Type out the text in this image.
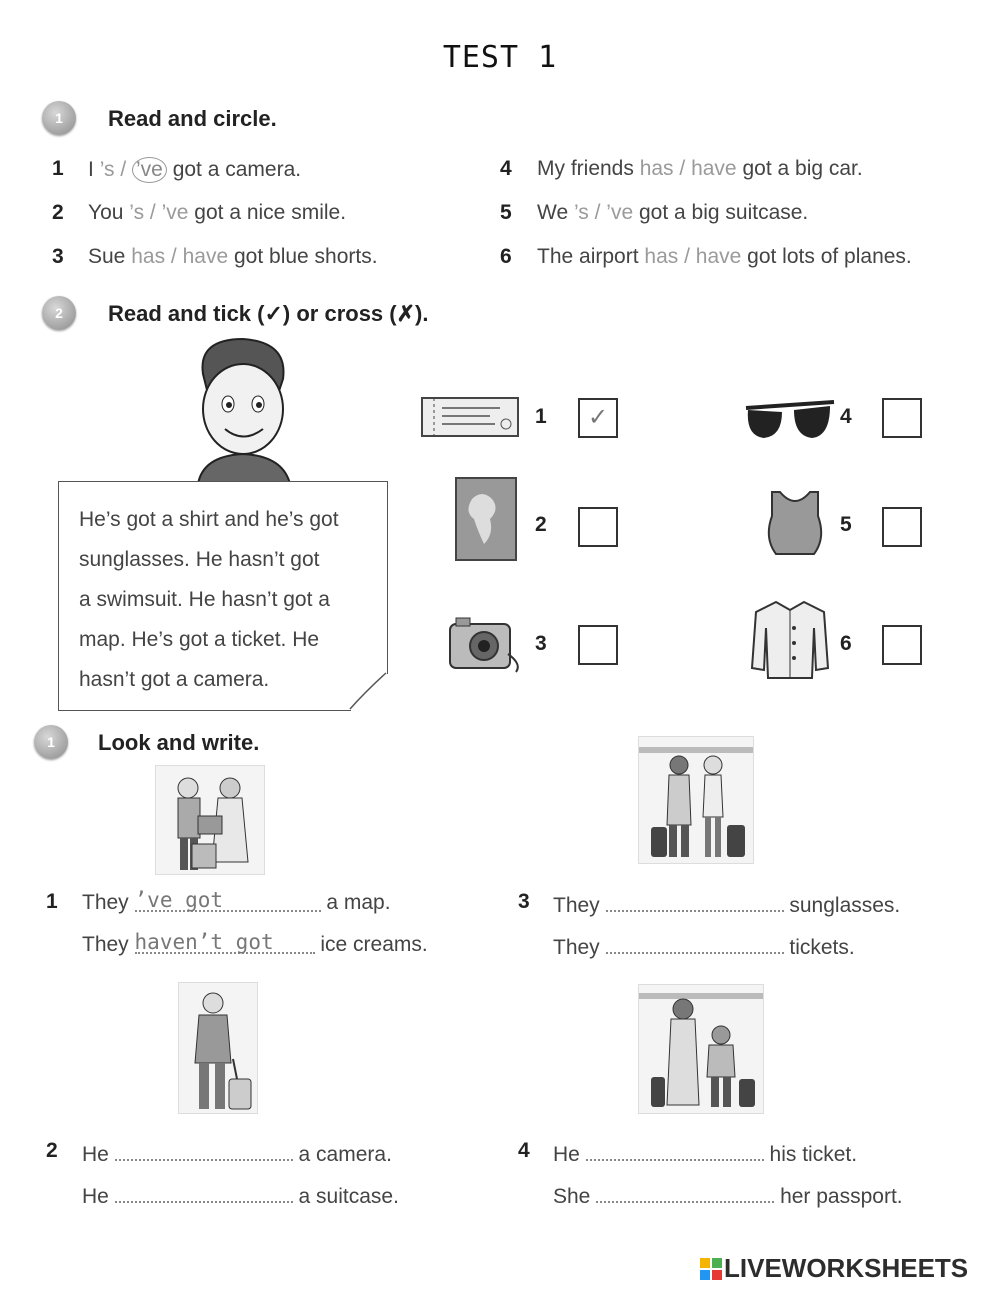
TEST 1
1	Read and circle.
1 I ’s / ’ve got a camera.
2 You ’s / ’ve got a nice smile.
3 Sue has / have got blue shorts.
4 My friends has / have got a big car.
5 We ’s / ’ve got a big suitcase.
6 The airport has / have got lots of planes.
2	Read and tick (✓) or cross (✗).
He’s got a shirt and he’s got
sunglasses. He hasn’t got
a swimsuit. He hasn’t got a
map. He’s got a ticket. He
hasn’t got a camera.
1	✓
2
3
4
5
6
1	Look and write.
1 They ’ve got	a map.
They haven’t got ice creams.
3 They	sunglasses.
They	tickets.
2 He	a camera.
He	a suitcase.
4 He	his ticket.
She	her passport.
LIVEWORKSHEETS
